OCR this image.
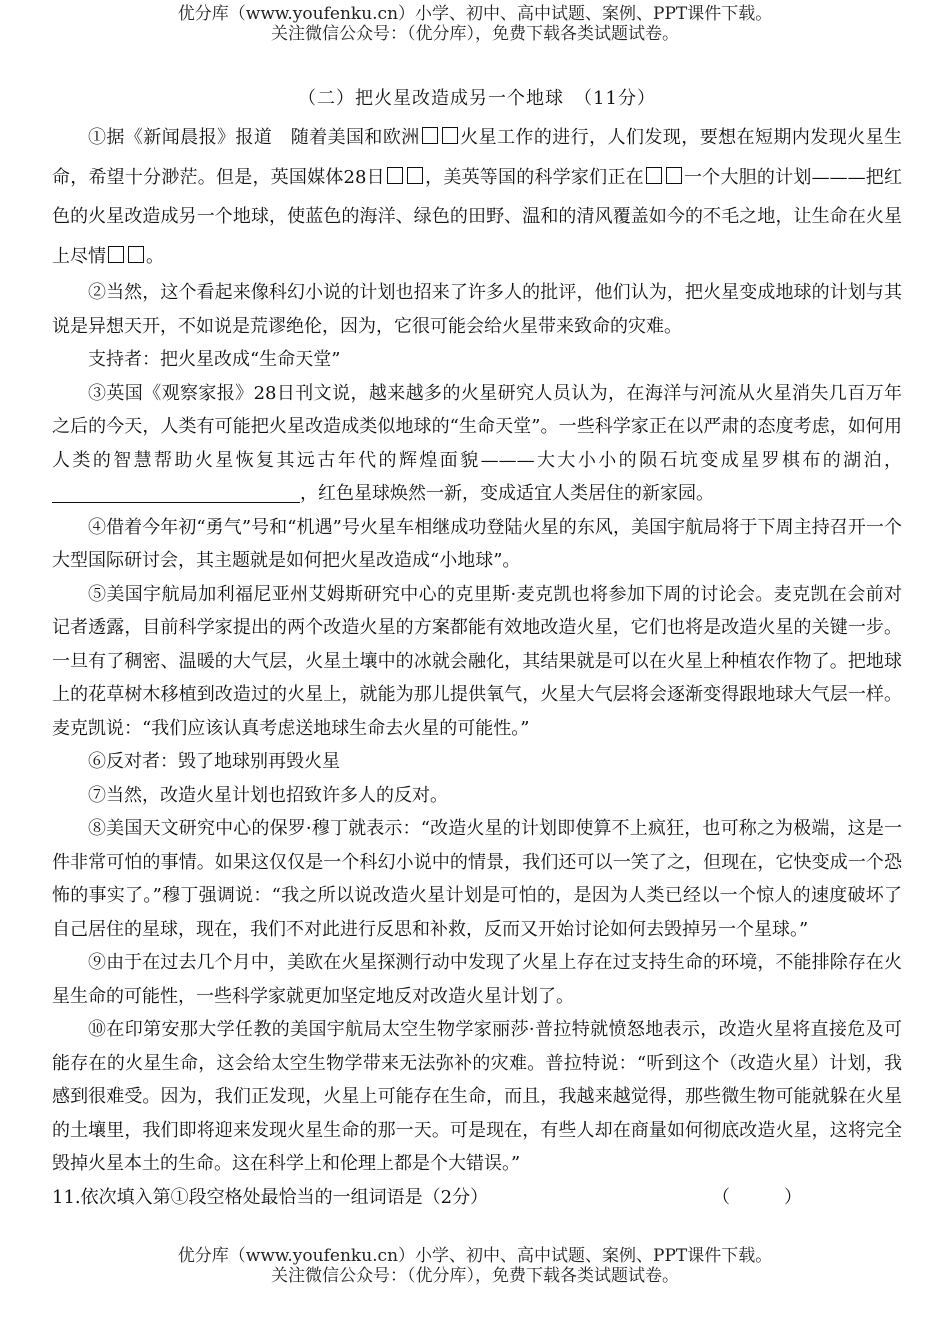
优分库（www.youfenku.cn）小学、初中、高中试题、案例、PPT课件下载。
关注微信公众号：（优分库），免费下载各类试题试卷。
（二）把火星改造成另一个地球　（11分）

①据《新闻晨报》报道　随着美国和欧洲 火星工作的进行，人们发现，要想在短期内发现火星生命，希望十分渺茫。但是，英国媒体28日 ，美英等国的科学家们正在 一个大胆的计划———把红色的火星改造成另一个地球，使蓝色的海洋、绿色的田野、温和的清风覆盖如今的不毛之地，让生命在火星上尽情 。

②当然，这个看起来像科幻小说的计划也招来了许多人的批评，他们认为，把火星变成地球的计划与其说是异想天开，不如说是荒谬绝伦，因为，它很可能会给火星带来致命的灾难。

支持者：把火星改成“生命天堂”

③英国《观察家报》28日刊文说，越来越多的火星研究人员认为，在海洋与河流从火星消失几百万年之后的今天，人类有可能把火星改造成类似地球的“生命天堂”。一些科学家正在以严肃的态度考虑，如何用人类的智慧帮助火星恢复其远古年代的辉煌面貌———大大小小的陨石坑变成星罗棋布的湖泊，，红色星球焕然一新，变成适宜人类居住的新家园。

④借着今年初“勇气”号和“机遇”号火星车相继成功登陆火星的东风，美国宇航局将于下周主持召开一个大型国际研讨会，其主题就是如何把火星改造成“小地球”。

⑤美国宇航局加利福尼亚州艾姆斯研究中心的克里斯·麦克凯也将参加下周的讨论会。麦克凯在会前对记者透露，目前科学家提出的两个改造火星的方案都能有效地改造火星，它们也将是改造火星的关键一步。一旦有了稠密、温暖的大气层，火星土壤中的冰就会融化，其结果就是可以在火星上种植农作物了。把地球上的花草树木移植到改造过的火星上，就能为那儿提供氧气，火星大气层将会逐渐变得跟地球大气层一样。麦克凯说：“我们应该认真考虑送地球生命去火星的可能性。”

⑥反对者：毁了地球别再毁火星

⑦当然，改造火星计划也招致许多人的反对。

⑧美国天文研究中心的保罗·穆丁就表示：“改造火星的计划即使算不上疯狂，也可称之为极端，这是一件非常可怕的事情。如果这仅仅是一个科幻小说中的情景，我们还可以一笑了之，但现在，它快变成一个恐怖的事实了。”穆丁强调说：“我之所以说改造火星计划是可怕的，是因为人类已经以一个惊人的速度破坏了自己居住的星球，现在，我们不对此进行反思和补救，反而又开始讨论如何去毁掉另一个星球。”

⑨由于在过去几个月中，美欧在火星探测行动中发现了火星上存在过支持生命的环境，不能排除存在火星生命的可能性，一些科学家就更加坚定地反对改造火星计划了。

⑩在印第安那大学任教的美国宇航局太空生物学家丽莎·普拉特就愤怒地表示，改造火星将直接危及可能存在的火星生命，这会给太空生物学带来无法弥补的灾难。普拉特说：“听到这个（改造火星）计划，我感到很难受。因为，我们正发现，火星上可能存在生命，而且，我越来越觉得，那些微生物可能就躲在火星的土壤里，我们即将迎来发现火星生命的那一天。可是现在，有些人却在商量如何彻底改造火星，这将完全毁掉火星本土的生命。这在科学上和伦理上都是个大错误。”

11.依次填入第①段空格处最恰当的一组词语是（2分）	（　　　）

优分库（www.youfenku.cn）小学、初中、高中试题、案例、PPT课件下载。
关注微信公众号：（优分库），免费下载各类试题试卷。
